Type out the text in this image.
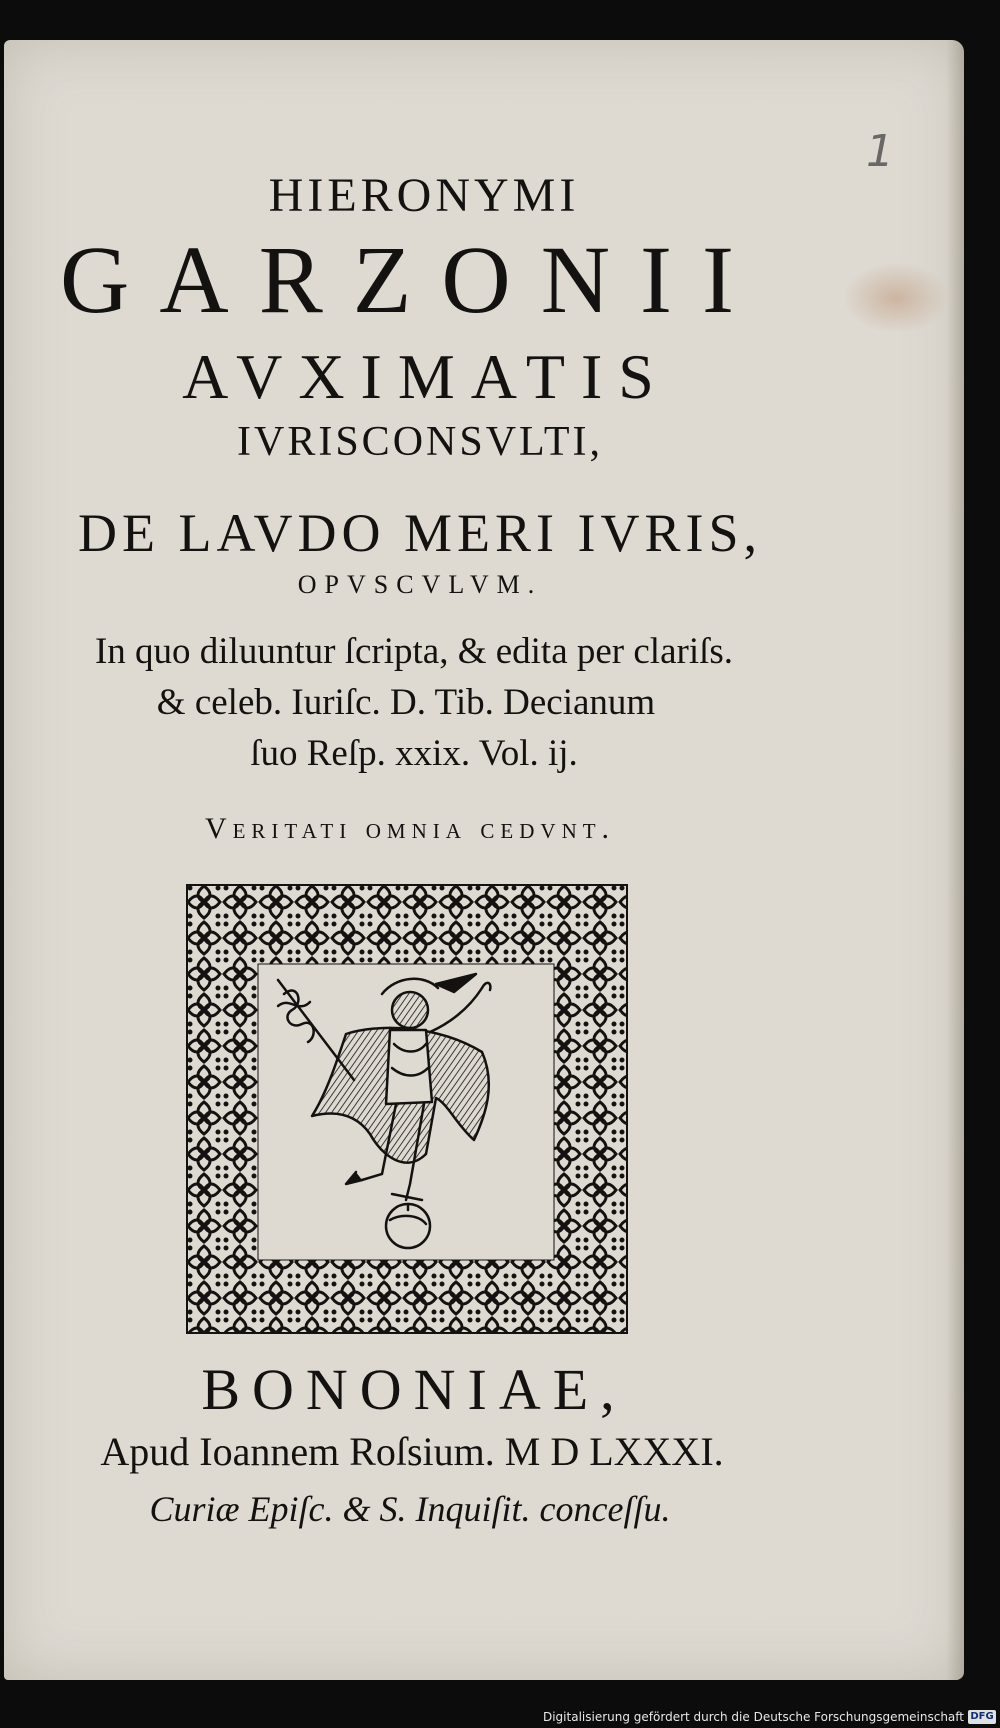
1
HIERONYMI
GARZONII
AVXIMATIS
IVRISCONSVLTI,
DE LAVDO MERI IVRIS,
OPVSCVLVM.
In quo diluuntur ſcripta, & edita per clariſs.
& celeb. Iuriſc. D. Tib. Decianum
ſuo Reſp. xxix. Vol. ij.
Veritati omnia cedvnt.
BONONIAE,
Apud Ioannem Roſsium. M D LXXXI.
Curiæ Epiſc. & S. Inquiſit. conceſſu.
Digitalisierung gefördert durch die Deutsche Forschungsgemeinschaft DFG
